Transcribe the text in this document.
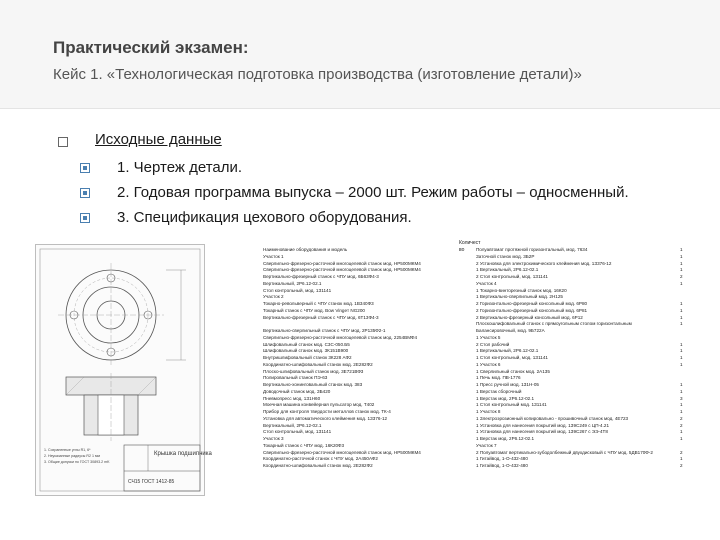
Практический экзамен:
Кейс 1. «Технологическая подготовка производства (изготовление детали)»
Исходные данные
1. Чертеж детали.
2. Годовая программа выпуска – 2000 шт. Режим работы – односменный.
3. Спецификация цехового оборудования.
Крышка подшипника
СЧ15 ГОСТ 1412-85
1. Сохраненные углы R1, 6*
2. Неуказанные радиусы R2 1 мм
3. Общие допуски по ГОСТ 30893.2 mK
Количество
Наименование оборудования и модель
Участок 1
Сверлильно-фрезерно-расточной многоцелевой станок мод. HP500MКМ4
Сверлильно-фрезерно-расточной многоцелевой станок мод. HP500MКМ4
Вертикально-фрезерный станок с ЧПУ мод. 6Б63Ф4-3
Вертикальный, 2Р6.12-02.1
Стол контрольный, мод. 1З1141
Участок 2
Токарно-револьверный с ЧПУ станок мод. 1В340Ф3
Токарный станок с ЧПУ мод. Bow Vingeт NG200
Вертикально-фрезерный станок с ЧПУ мод. 6Т13Ф4-3
Вертикально-сверлильный станок с ЧПУ мод. 2Р135Ф2-1
Сверлильно-фрезерно-расточной многоцелевой станок мод. 2254ВМФ4
Шлифовальный станок мод. С3С-050.Б5
Шлифовальный станок мод. 3К151В900
Внутришлифовальный станок 3К228 АФ2
Координатно-шлифовальный станок мод. 2Е282Ф2
Плоско-шлифовальный станок мод. 3Е721ВФ3
Полировальный станок ПЭ-63
Вертикально-хонинговальный станок мод. 383
Доводочный станок мод. ЗБ420
Пневмопресс мод. 1З1Н60
Моечная машина конвейерная пульсатор мод. Т402
Прибор для контроля твердости металлов станок мод. ТК-4
Установка для автоматического клеймения мод. 1З376-12
Вертикальный, 2Р6.12-02.1
Стол контрольный, мод. 1З1141
Участок 3
Токарный станок с ЧПУ мод. 16К20Ф3
Сверлильно-фрезерно-расточной многоцелевой станок мод. HP500MКМ4
Координатно-расточной станок с ЧПУ мод. 2А450АФ2
Координатно-шлифовальный станок мод. 2Е282Ф2
Полуавтомат протяжной горизонтальный, мод. 7634
Заточной станок мод. 3Б2Р
2 Установка для электрохимического клеймения мод. 1З376-12
1 Вертикальный, 2Р6.12-02.1
2 Стол контрольный, мод. 1З1141
Участок 4
1 Токарно-винторезный станок мод. 16К20
1 Вертикально-сверлильный мод. 2Н125
2 Горизонтально-фрезерный консольный мод. 6Р80
2 Горизонтально-фрезерный консольный мод. 6Р81
2 Вертикально-фрезерный консольный мод. 6Р12
Плоскошлифовальный станок с прямоугольным столом горизонтальным
Балансировочный, мод. 9Б722А
1 Участок 5
2 Стол рабочий
1 Вертикальный, 2Р6.12-02.1
1 Стол контрольный, мод. 1З1141
1 Участок 6
1 Сверлильный станок мод. 2А135
1 Печь мод. ПВ-1776
1 Пресс ручной мод. 1З1Н-05
1 Верстак сборочный
1 Верстак мод. 2Р6.12-02.1
1 Стол контрольный мод. 1З1141
1 Участок 8
1 Злектроэрозионный копировально - прошивочный станок мод. 4Е723
1 Установка для нанесения покрытий мод. 1З9С249 с ЦП-4.21
1 Установка для нанесения покрытий мод. 1З9С267 с ЭЭ-4Т8
1 Верстак мод. 2Р6.12-02.1
Участок 7
2 Полуавтомат вертикально-зубодолбежный двухдисковый с ЧПУ мод. 5ДВ170Ф-2
1 Гитайвод, 1-О-432-480
1 Гитайвод, 1-О-432-480
1
1
1
1
2
1
1
1
1
1
1
1
1
1
1
1
3
1
1
2
2
1
1
2
1
2
